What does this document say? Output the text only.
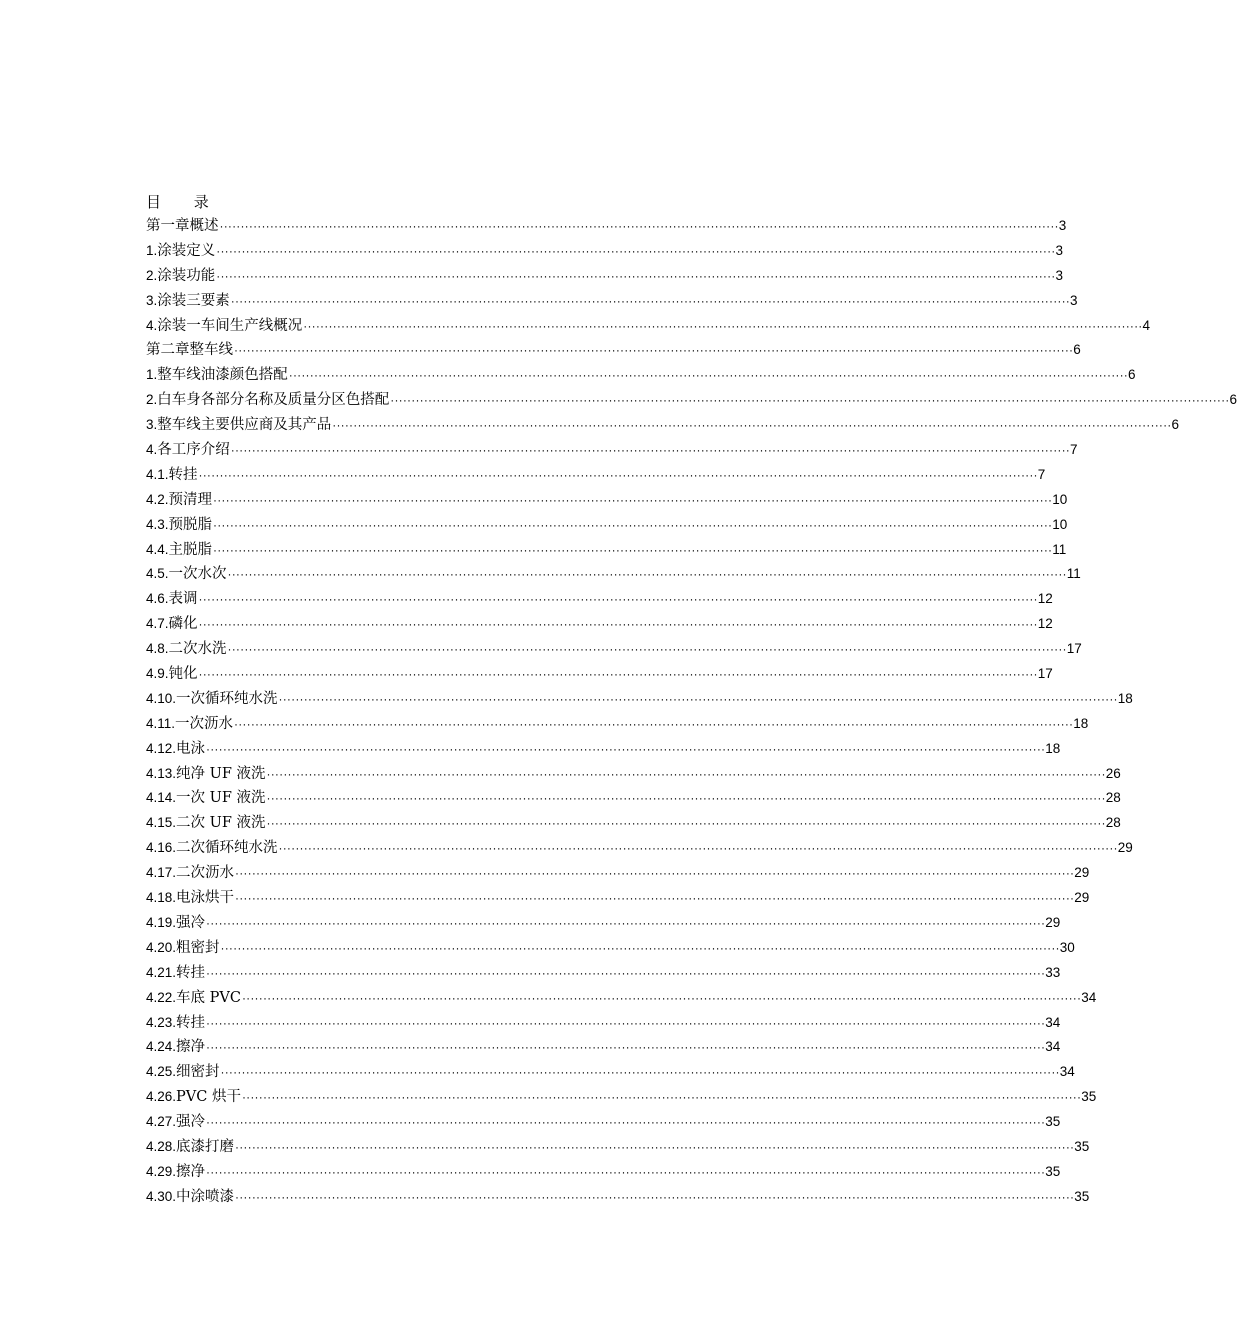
目 录
第一章 概述 ········································································································································································································ 3
1. 涂装定义 ········································································································································································································ 3
2. 涂装功能 ········································································································································································································ 3
3. 涂装三要素 ········································································································································································································ 3
4. 涂装一车间生产线概况 ········································································································································································································ 4
第二章 整车线 ········································································································································································································ 6
1. 整车线油漆颜色搭配 ········································································································································································································ 6
2. 白车身各部分名称及质量分区色搭配 ········································································································································································································ 6
3. 整车线主要供应商及其产品 ········································································································································································································ 6
4. 各工序介绍 ········································································································································································································ 7
4.1. 转挂 ········································································································································································································ 7
4.2. 预清理 ········································································································································································································ 10
4.3. 预脱脂 ········································································································································································································ 10
4.4. 主脱脂 ········································································································································································································ 11
4.5. 一次水次 ········································································································································································································ 11
4.6. 表调 ········································································································································································································ 12
4.7. 磷化 ········································································································································································································ 12
4.8. 二次水洗 ········································································································································································································ 17
4.9. 钝化 ········································································································································································································ 17
4.10. 一次循环纯水洗 ········································································································································································································ 18
4.11. 一次沥水 ········································································································································································································ 18
4.12. 电泳 ········································································································································································································ 18
4.13. 纯净 UF 液洗 ········································································································································································································ 26
4.14. 一次 UF 液洗 ········································································································································································································ 28
4.15. 二次 UF 液洗 ········································································································································································································ 28
4.16. 二次循环纯水洗 ········································································································································································································ 29
4.17. 二次沥水 ········································································································································································································ 29
4.18. 电泳烘干 ········································································································································································································ 29
4.19. 强冷 ········································································································································································································ 29
4.20. 粗密封 ········································································································································································································ 30
4.21. 转挂 ········································································································································································································ 33
4.22. 车底 PVC ········································································································································································································ 34
4.23. 转挂 ········································································································································································································ 34
4.24. 擦净 ········································································································································································································ 34
4.25. 细密封 ········································································································································································································ 34
4.26. PVC 烘干 ········································································································································································································ 35
4.27. 强冷 ········································································································································································································ 35
4.28. 底漆打磨 ········································································································································································································ 35
4.29. 擦净 ········································································································································································································ 35
4.30. 中涂喷漆 ········································································································································································································ 35
